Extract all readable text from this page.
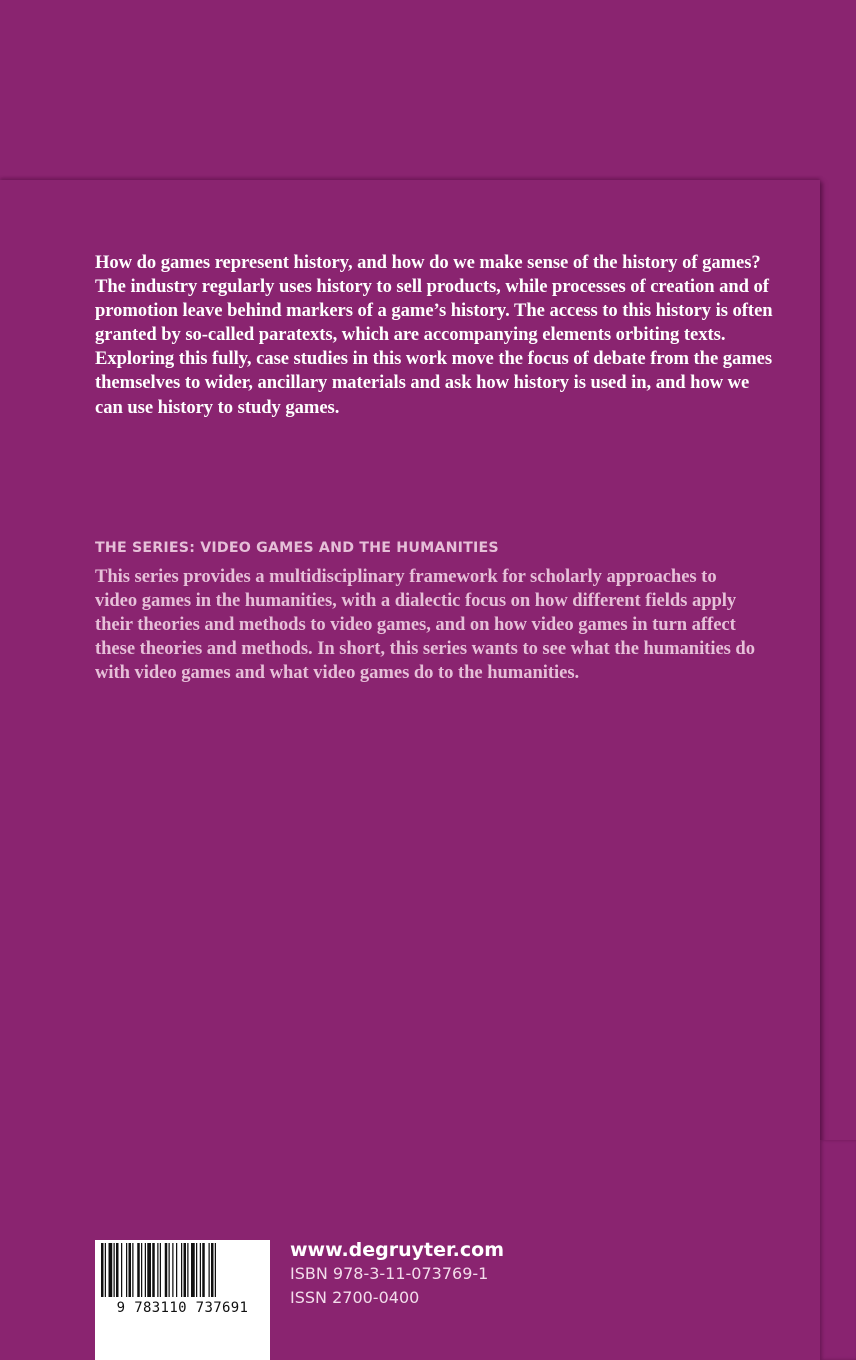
How do games represent history, and how do we make sense of the history of games? The industry regularly uses history to sell products, while processes of creation and of promotion leave behind markers of a game’s history. The access to this history is often granted by so-called paratexts, which are accompanying elements orbiting texts. Exploring this fully, case studies in this work move the focus of debate from the games themselves to wider, ancillary materials and ask how history is used in, and how we can use history to study games.

THE SERIES: VIDEO GAMES AND THE HUMANITIES

This series provides a multidisciplinary framework for scholarly approaches to video games in the humanities, with a dialectic focus on how different fields apply their theories and methods to video games, and on how video games in turn affect these theories and methods. In short, this series wants to see what the humanities do with video games and what video games do to the humanities.

9 783110 737691
www.degruyter.com
ISBN 978-3-11-073769-1
ISSN 2700-0400
